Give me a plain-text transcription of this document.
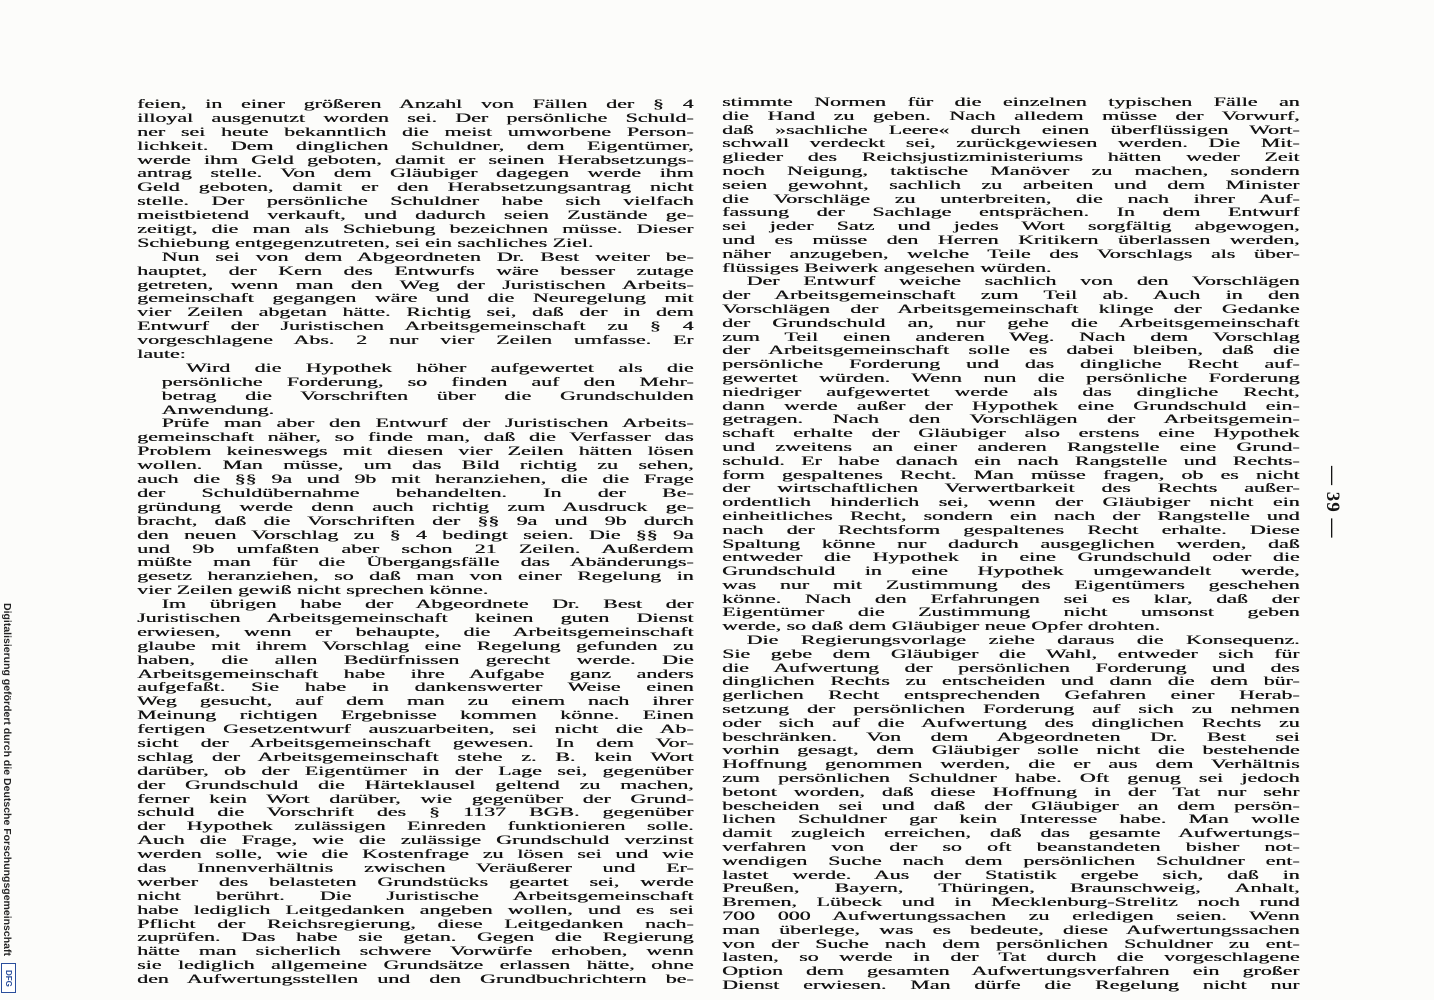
— 39 —
feien, in einer größeren Anzahl von Fällen der § 4
illoyal ausgenutzt worden sei. Der persönliche Schuld-
ner sei heute bekanntlich die meist umworbene Person-
lichkeit. Dem dinglichen Schuldner, dem Eigentümer,
werde ihm Geld geboten, damit er seinen Herabsetzungs-
antrag stelle. Von dem Gläubiger dagegen werde ihm
Geld geboten, damit er den Herabsetzungsantrag nicht
stelle. Der persönliche Schuldner habe sich vielfach
meistbietend verkauft, und dadurch seien Zustände ge-
zeitigt, die man als Schiebung bezeichnen müsse. Dieser
Schiebung entgegenzutreten, sei ein sachliches Ziel.
Nun sei von dem Abgeordneten Dr. Best weiter be-
hauptet, der Kern des Entwurfs wäre besser zutage
getreten, wenn man den Weg der Juristischen Arbeits-
gemeinschaft gegangen wäre und die Neuregelung mit
vier Zeilen abgetan hätte. Richtig sei, daß der in dem
Entwurf der Juristischen Arbeitsgemeinschaft zu § 4
vorgeschlagene Abs. 2 nur vier Zeilen umfasse. Er
laute:
Wird die Hypothek höher aufgewertet als die
persönliche Forderung, so finden auf den Mehr-
betrag die Vorschriften über die Grundschulden
Anwendung.
Prüfe man aber den Entwurf der Juristischen Arbeits-
gemeinschaft näher, so finde man, daß die Verfasser das
Problem keineswegs mit diesen vier Zeilen hätten lösen
wollen. Man müsse, um das Bild richtig zu sehen,
auch die §§ 9a und 9b mit heranziehen, die die Frage
der Schuldübernahme behandelten. In der Be-
gründung werde denn auch richtig zum Ausdruck ge-
bracht, daß die Vorschriften der §§ 9a und 9b durch
den neuen Vorschlag zu § 4 bedingt seien. Die §§ 9a
und 9b umfaßten aber schon 21 Zeilen. Außerdem
müßte man für die Übergangsfälle das Abänderungs-
gesetz heranziehen, so daß man von einer Regelung in
vier Zeilen gewiß nicht sprechen könne.
Im übrigen habe der Abgeordnete Dr. Best der
Juristischen Arbeitsgemeinschaft keinen guten Dienst
erwiesen, wenn er behaupte, die Arbeitsgemeinschaft
glaube mit ihrem Vorschlag eine Regelung gefunden zu
haben, die allen Bedürfnissen gerecht werde. Die
Arbeitsgemeinschaft habe ihre Aufgabe ganz anders
aufgefaßt. Sie habe in dankenswerter Weise einen
Weg gesucht, auf dem man zu einem nach ihrer
Meinung richtigen Ergebnisse kommen könne. Einen
fertigen Gesetzentwurf auszuarbeiten, sei nicht die Ab-
sicht der Arbeitsgemeinschaft gewesen. In dem Vor-
schlag der Arbeitsgemeinschaft stehe z. B. kein Wort
darüber, ob der Eigentümer in der Lage sei, gegenüber
der Grundschuld die Härteklausel geltend zu machen,
ferner kein Wort darüber, wie gegenüber der Grund-
schuld die Vorschrift des § 1137 BGB. gegenüber
der Hypothek zulässigen Einreden funktionieren solle.
Auch die Frage, wie die zulässige Grundschuld verzinst
werden solle, wie die Kostenfrage zu lösen sei und wie
das Innenverhältnis zwischen Veräußerer und Er-
werber des belasteten Grundstücks geartet sei, werde
nicht berührt. Die Juristische Arbeitsgemeinschaft
habe lediglich Leitgedanken angeben wollen, und es sei
Pflicht der Reichsregierung, diese Leitgedanken nach-
zuprüfen. Das habe sie getan. Gegen die Regierung
hätte man sicherlich schwere Vorwürfe erhoben, wenn
sie lediglich allgemeine Grundsätze erlassen hätte, ohne
den Aufwertungsstellen und den Grundbuchrichtern be-
stimmte Normen für die einzelnen typischen Fälle an
die Hand zu geben. Nach alledem müsse der Vorwurf,
daß »sachliche Leere« durch einen überflüssigen Wort-
schwall verdeckt sei, zurückgewiesen werden. Die Mit-
glieder des Reichsjustizministeriums hätten weder Zeit
noch Neigung, taktische Manöver zu machen, sondern
seien gewohnt, sachlich zu arbeiten und dem Minister
die Vorschläge zu unterbreiten, die nach ihrer Auf-
fassung der Sachlage entsprächen. In dem Entwurf
sei jeder Satz und jedes Wort sorgfältig abgewogen,
und es müsse den Herren Kritikern überlassen werden,
näher anzugeben, welche Teile des Vorschlags als über-
flüssiges Beiwerk angesehen würden.
Der Entwurf weiche sachlich von den Vorschlägen
der Arbeitsgemeinschaft zum Teil ab. Auch in den
Vorschlägen der Arbeitsgemeinschaft klinge der Gedanke
der Grundschuld an, nur gehe die Arbeitsgemeinschaft
zum Teil einen anderen Weg. Nach dem Vorschlag
der Arbeitsgemeinschaft solle es dabei bleiben, daß die
persönliche Forderung und das dingliche Recht auf-
gewertet würden. Wenn nun die persönliche Forderung
niedriger aufgewertet werde als das dingliche Recht,
dann werde außer der Hypothek eine Grundschuld ein-
getragen. Nach den Vorschlägen der Arbeitsgemein-
schaft erhalte der Gläubiger also erstens eine Hypothek
und zweitens an einer anderen Rangstelle eine Grund-
schuld. Er habe danach ein nach Rangstelle und Rechts-
form gespaltenes Recht. Man müsse fragen, ob es nicht
der wirtschaftlichen Verwertbarkeit des Rechts außer-
ordentlich hinderlich sei, wenn der Gläubiger nicht ein
einheitliches Recht, sondern ein nach der Rangstelle und
nach der Rechtsform gespaltenes Recht erhalte. Diese
Spaltung könne nur dadurch ausgeglichen werden, daß
entweder die Hypothek in eine Grundschuld oder die
Grundschuld in eine Hypothek umgewandelt werde,
was nur mit Zustimmung des Eigentümers geschehen
könne. Nach den Erfahrungen sei es klar, daß der
Eigentümer die Zustimmung nicht umsonst geben
werde, so daß dem Gläubiger neue Opfer drohten.
Die Regierungsvorlage ziehe daraus die Konsequenz.
Sie gebe dem Gläubiger die Wahl, entweder sich für
die Aufwertung der persönlichen Forderung und des
dinglichen Rechts zu entscheiden und dann die dem bür-
gerlichen Recht entsprechenden Gefahren einer Herab-
setzung der persönlichen Forderung auf sich zu nehmen
oder sich auf die Aufwertung des dinglichen Rechts zu
beschränken. Von dem Abgeordneten Dr. Best sei
vorhin gesagt, dem Gläubiger solle nicht die bestehende
Hoffnung genommen werden, die er aus dem Verhältnis
zum persönlichen Schuldner habe. Oft genug sei jedoch
betont worden, daß diese Hoffnung in der Tat nur sehr
bescheiden sei und daß der Gläubiger an dem persön-
lichen Schuldner gar kein Interesse habe. Man wolle
damit zugleich erreichen, daß das gesamte Aufwertungs-
verfahren von der so oft beanstandeten bisher not-
wendigen Suche nach dem persönlichen Schuldner ent-
lastet werde. Aus der Statistik ergebe sich, daß in
Preußen, Bayern, Thüringen, Braunschweig, Anhalt,
Bremen, Lübeck und in Mecklenburg-Strelitz noch rund
700 000 Aufwertungssachen zu erledigen seien. Wenn
man überlege, was es bedeute, diese Aufwertungssachen
von der Suche nach dem persönlichen Schuldner zu ent-
lasten, so werde in der Tat durch die vorgeschlagene
Option dem gesamten Aufwertungsverfahren ein großer
Dienst erwiesen. Man dürfe die Regelung nicht nur
Digitalisierung gefördert durch die Deutsche Forschungsgemeinschaft
DFG
